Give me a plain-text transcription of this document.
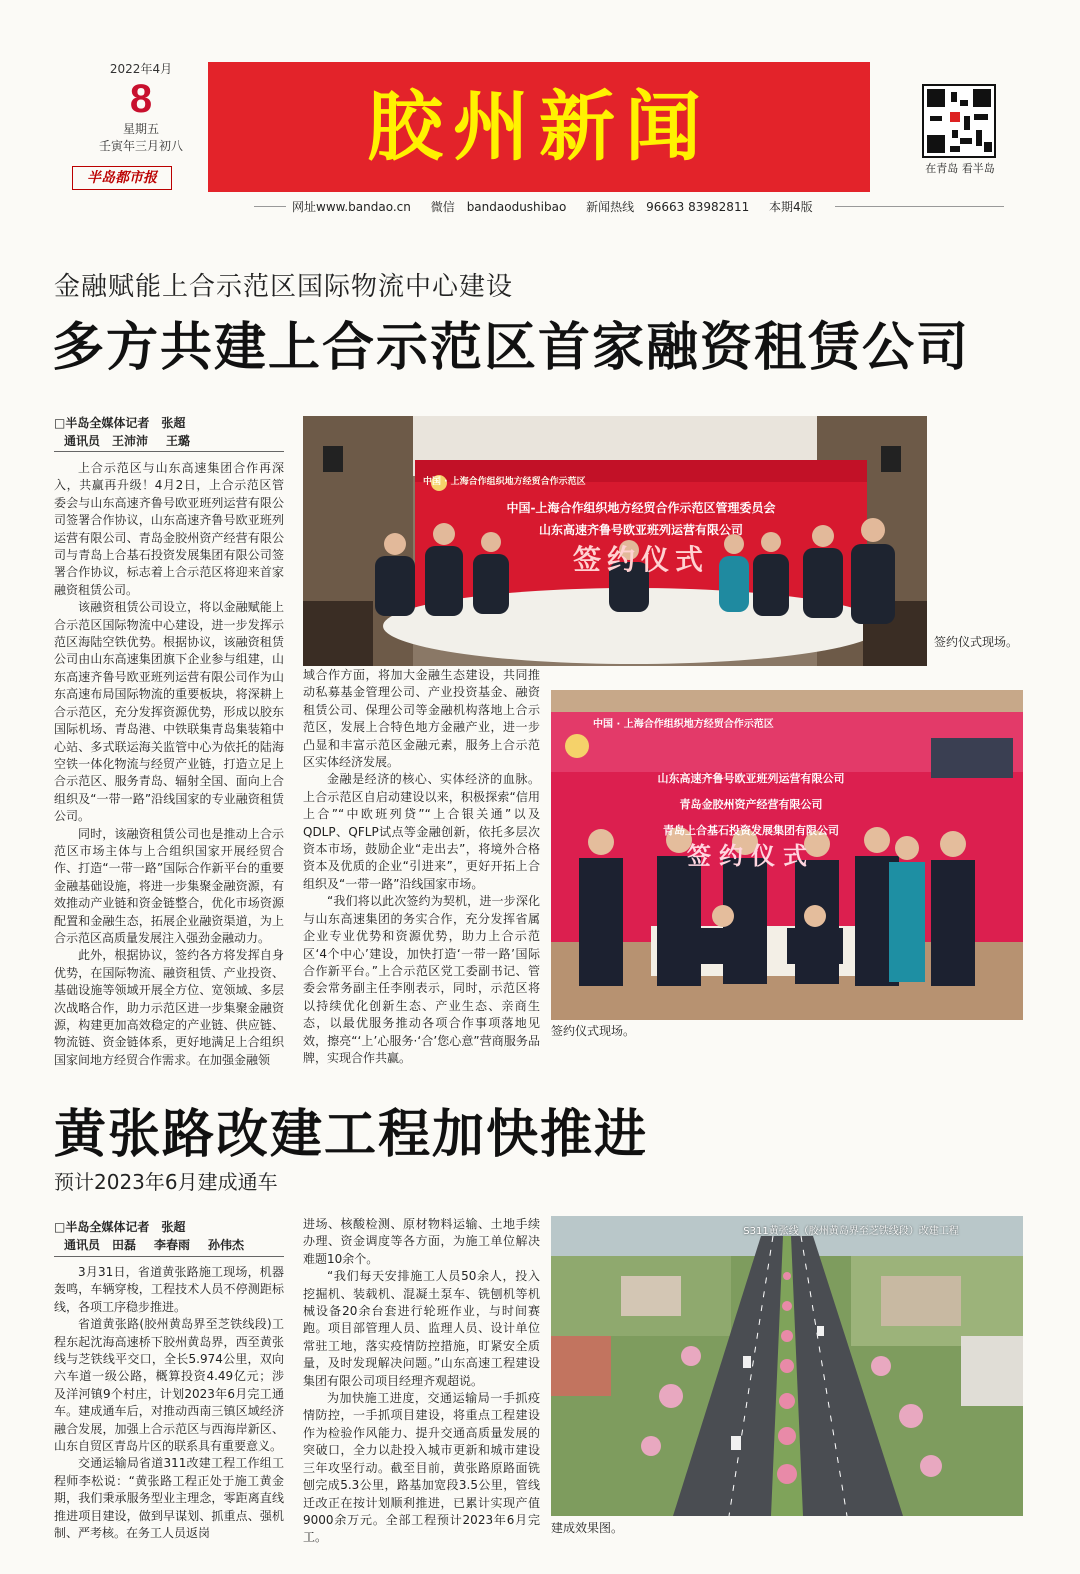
2022年4月
8
星期五
壬寅年三月初八
半岛都市报
胶州新闻	在青岛 看半岛
网址www.bandao.cn 微信　bandaodushibao 新闻热线　96663 83982811 本期4版
金融赋能上合示范区国际物流中心建设
多方共建上合示范区首家融资租赁公司
□半岛全媒体记者　张超
通讯员　王沛沛 王璐

上合示范区与山东高速集团合作再深入，共赢再升级！4月2日，上合示范区管委会与山东高速齐鲁号欧亚班列运营有限公司签署合作协议，山东高速齐鲁号欧亚班列运营有限公司、青岛金胶州资产经营有限公司与青岛上合基石投资发展集团有限公司签署合作协议，标志着上合示范区将迎来首家融资租赁公司。

该融资租赁公司设立，将以金融赋能上合示范区国际物流中心建设，进一步发挥示范区海陆空铁优势。根据协议，该融资租赁公司由山东高速集团旗下企业参与组建，山东高速齐鲁号欧亚班列运营有限公司作为山东高速布局国际物流的重要板块，将深耕上合示范区，充分发挥资源优势，形成以胶东国际机场、青岛港、中铁联集青岛集装箱中心站、多式联运海关监管中心为依托的陆海空铁一体化物流与经贸产业链，打造立足上合示范区、服务青岛、辐射全国、面向上合组织及“一带一路”沿线国家的专业融资租赁公司。

同时，该融资租赁公司也是推动上合示范区市场主体与上合组织国家开展经贸合作、打造“一带一路”国际合作新平台的重要金融基础设施，将进一步集聚金融资源，有效推动产业链和资金链整合，优化市场资源配置和金融生态，拓展企业融资渠道，为上合示范区高质量发展注入强劲金融动力。

此外，根据协议，签约各方将发挥自身优势，在国际物流、融资租赁、产业投资、基础设施等领域开展全方位、宽领域、多层次战略合作，助力示范区进一步集聚金融资源，构建更加高效稳定的产业链、供应链、物流链、资金链体系，更好地满足上合组织国家间地方经贸合作需求。在加强金融领

中国 · 上海合作组织地方经贸合作示范区
中国-上海合作组织地方经贸合作示范区管理委员会
山东高速齐鲁号欧亚班列运营有限公司
签约仪式
签约仪式现场。

域合作方面，将加大金融生态建设，共同推动私募基金管理公司、产业投资基金、融资租赁公司、保理公司等金融机构落地上合示范区，发展上合特色地方金融产业，进一步凸显和丰富示范区金融元素，服务上合示范区实体经济发展。

金融是经济的核心、实体经济的血脉。上合示范区自启动建设以来，积极探索“信用上合”“中欧班列贷”“上合银关通”以及QDLP、QFLP试点等金融创新，依托多层次资本市场，鼓励企业“走出去”，将境外合格资本及优质的企业“引进来”，更好开拓上合组织及“一带一路”沿线国家市场。

“我们将以此次签约为契机，进一步深化与山东高速集团的务实合作，充分发挥省属企业专业优势和资源优势，助力上合示范区‘4个中心’建设，加快打造‘一带一路’国际合作新平台。”上合示范区党工委副书记、管委会常务副主任李刚表示，同时，示范区将以持续优化创新生态、产业生态、亲商生态，以最优服务推动各项合作事项落地见效，擦亮“‘上’心服务·‘合’您心意”营商服务品牌，实现合作共赢。

中国 · 上海合作组织地方经贸合作示范区
山东高速齐鲁号欧亚班列运营有限公司
青岛金胶州资产经营有限公司
青岛上合基石投资发展集团有限公司
签约仪式
签约仪式现场。
黄张路改建工程加快推进
预计2023年6月建成通车
□半岛全媒体记者　张超
通讯员　田磊 李春雨 孙伟杰

3月31日，省道黄张路施工现场，机器轰鸣，车辆穿梭，工程技术人员不停测距标线，各项工序稳步推进。

省道黄张路(胶州黄岛界至芝铁线段)工程东起沈海高速桥下胶州黄岛界，西至黄张线与芝铁线平交口，全长5.974公里，双向六车道一级公路，概算投资4.49亿元；涉及洋河镇9个村庄，计划2023年6月完工通车。建成通车后，对推动西南三镇区域经济融合发展，加强上合示范区与西海岸新区、山东自贸区青岛片区的联系具有重要意义。

交通运输局省道311改建工程工作组工程师李松说：“黄张路工程正处于施工黄金期，我们秉承服务型业主理念，零距离直线推进项目建设，做到早谋划、抓重点、强机制、严考核。在务工人员返岗

进场、核酸检测、原材物料运输、土地手续办理、资金调度等各方面，为施工单位解决难题10余个。

“我们每天安排施工人员50余人，投入挖掘机、装载机、混凝土泵车、铣刨机等机械设备20余台套进行轮班作业，与时间赛跑。项目部管理人员、监理人员、设计单位常驻工地，落实疫情防控措施，盯紧安全质量，及时发现解决问题。”山东高速工程建设集团有限公司项目经理齐观超说。

为加快施工进度，交通运输局一手抓疫情防控，一手抓项目建设，将重点工程建设作为检验作风能力、提升交通高质量发展的突破口，全力以赴投入城市更新和城市建设三年攻坚行动。截至目前，黄张路原路面铣刨完成5.3公里，路基加宽段3.5公里，管线迁改正在按计划顺利推进，已累计实现产值9000余万元。全部工程预计2023年6月完工。

S311黄张线（胶州黄岛界至芝铁线段）改建工程
建成效果图。
